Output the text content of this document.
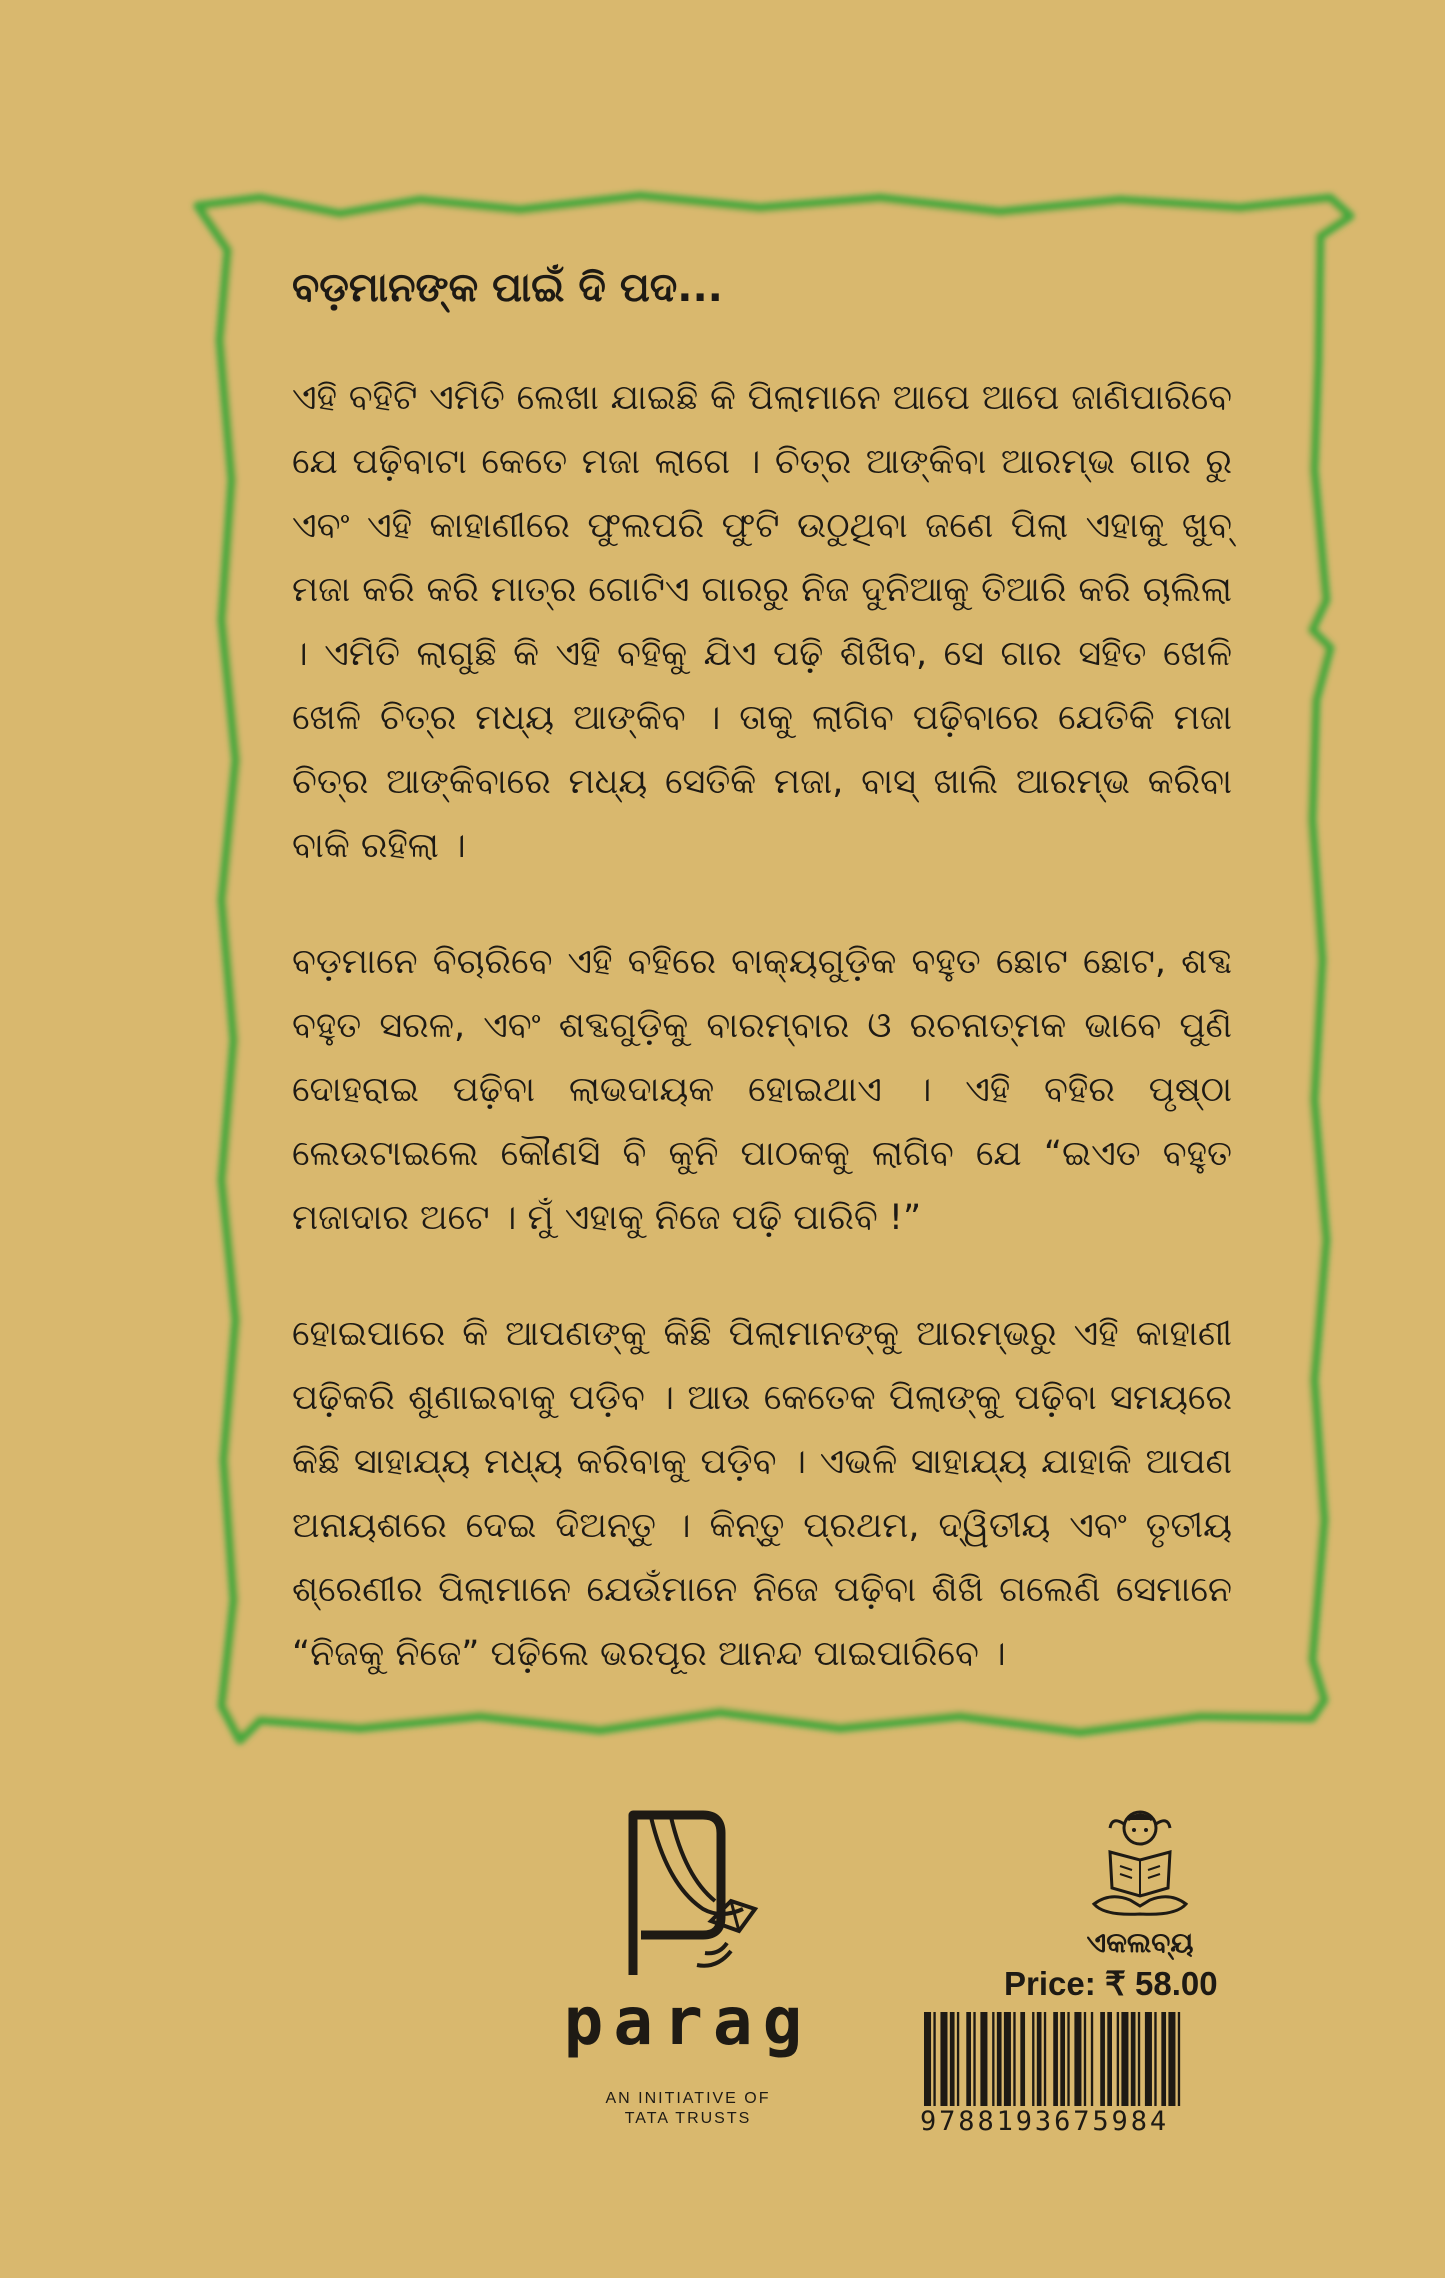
ବଡ଼ମାନଙ୍କ ପାଇଁ ଦି ପଦ...

ଏହି ବହିଟି ଏମିତି ଲେଖା ଯାଇଛି କି ପିଲାମାନେ ଆପେ ଆପେ ଜାଣିପାରିବେ ଯେ ପଢ଼ିବାଟା କେତେ ମଜା ଲାଗେ । ଚିତ୍ର ଆଙ୍କିବା ଆରମ୍ଭ ଗାର ରୁ ଏବଂ ଏହି କାହାଣୀରେ ଫୁଲପରି ଫୁଟି ଉଠୁଥିବା ଜଣେ ପିଲା ଏହାକୁ ଖୁବ୍ ମଜା କରି କରି ମାତ୍ର ଗୋଟିଏ ଗାରରୁ ନିଜ ଦୁନିଆକୁ ତିଆରି କରି ଚାଲିଲା । ଏମିତି ଲାଗୁଛି କି ଏହି ବହିକୁ ଯିଏ ପଢ଼ି ଶିଖିବ, ସେ ଗାର ସହିତ ଖେଳି ଖେଳି ଚିତ୍ର ମଧ୍ୟ ଆଙ୍କିବ । ତାକୁ ଲାଗିବ ପଢ଼ିବାରେ ଯେତିକି ମଜା ଚିତ୍ର ଆଙ୍କିବାରେ ମଧ୍ୟ ସେତିକି ମଜା, ବାସ୍ ଖାଲି ଆରମ୍ଭ କରିବା ବାକି ରହିଲା ।

ବଡ଼ମାନେ ବିଚାରିବେ ଏହି ବହିରେ ବାକ୍ୟଗୁଡ଼ିକ ବହୁତ ଛୋଟ ଛୋଟ, ଶବ୍ଦ ବହୁତ ସରଳ, ଏବଂ ଶବ୍ଦଗୁଡ଼ିକୁ ବାରମ୍ବାର ଓ ରଚନାତ୍ମକ ଭାବେ ପୁଣି ଦୋହରାଇ ପଢ଼ିବା ଲାଭଦାୟକ ହୋଇଥାଏ । ଏହି ବହିର ପୃଷ୍ଠା ଲେଉଟାଇଲେ କୌଣସି ବି କୁନି ପାଠକକୁ ଲାଗିବ ଯେ “ଇଏତ ବହୁତ ମଜାଦାର ଅଟେ । ମୁଁ ଏହାକୁ ନିଜେ ପଢ଼ି ପାରିବି !”

ହୋଇପାରେ କି ଆପଣଙ୍କୁ କିଛି ପିଲାମାନଙ୍କୁ ଆରମ୍ଭରୁ ଏହି କାହାଣୀ ପଢ଼ିକରି ଶୁଣାଇବାକୁ ପଡ଼ିବ । ଆଉ କେତେକ ପିଲାଙ୍କୁ ପଢ଼ିବା ସମୟରେ କିଛି ସାହାଯ୍ୟ ମଧ୍ୟ କରିବାକୁ ପଡ଼ିବ । ଏଭଳି ସାହାଯ୍ୟ ଯାହାକି ଆପଣ ଅନାୟଶରେ ଦେଇ ଦିଅନ୍ତୁ । କିନ୍ତୁ ପ୍ରଥମ, ଦ୍ୱିତୀୟ ଏବଂ ତୃତୀୟ ଶ୍ରେଣୀର ପିଲାମାନେ ଯେଉଁମାନେ ନିଜେ ପଢ଼ିବା ଶିଖି ଗଲେଣି ସେମାନେ “ନିଜକୁ ନିଜେ” ପଢ଼ିଲେ ଭରପୂର ଆନନ୍ଦ ପାଇପାରିବେ ।

parag
AN INITIATIVE OF
TATA TRUSTS
ଏକଲବ୍ୟ
Price: ₹ 58.00
9788193675984
